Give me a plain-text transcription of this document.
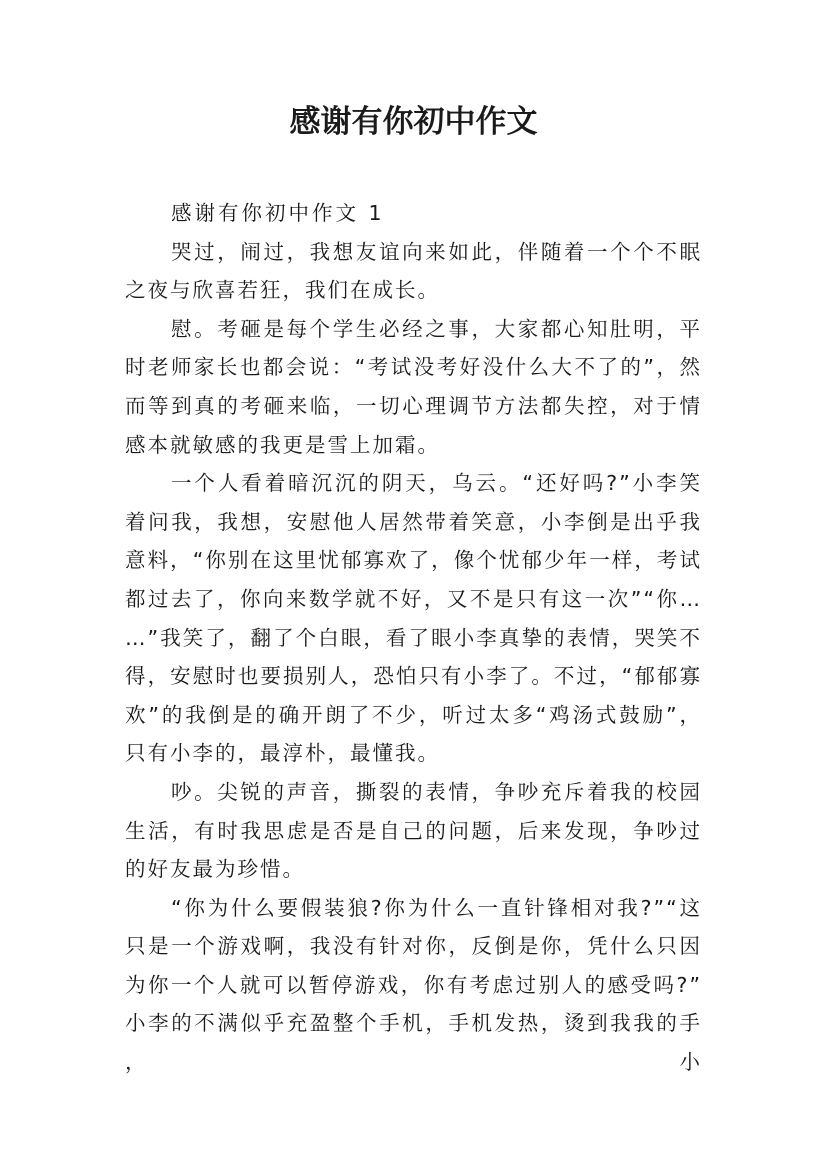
感谢有你初中作文

感谢有你初中作文 1

哭过，闹过，我想友谊向来如此，伴随着一个个不眠之夜与欣喜若狂，我们在成长。

慰。考砸是每个学生必经之事，大家都心知肚明，平时老师家长也都会说：“考试没考好没什么大不了的”，然而等到真的考砸来临，一切心理调节方法都失控，对于情感本就敏感的我更是雪上加霜。

一个人看着暗沉沉的阴天，乌云。“还好吗?”小李笑着问我，我想，安慰他人居然带着笑意，小李倒是出乎我意料，“你别在这里忧郁寡欢了，像个忧郁少年一样，考试都过去了，你向来数学就不好，又不是只有这一次”“你……”我笑了，翻了个白眼，看了眼小李真挚的表情，哭笑不得，安慰时也要损别人，恐怕只有小李了。不过，“郁郁寡欢”的我倒是的确开朗了不少，听过太多“鸡汤式鼓励”，只有小李的，最淳朴，最懂我。

吵。尖锐的声音，撕裂的表情，争吵充斥着我的校园生活，有时我思虑是否是自己的问题，后来发现，争吵过的好友最为珍惜。

“你为什么要假装狼?你为什么一直针锋相对我?”“这只是一个游戏啊，我没有针对你，反倒是你，凭什么只因为你一个人就可以暂停游戏，你有考虑过别人的感受吗?”小李的不满似乎充盈整个手机，手机发热，烫到我我的手，小
